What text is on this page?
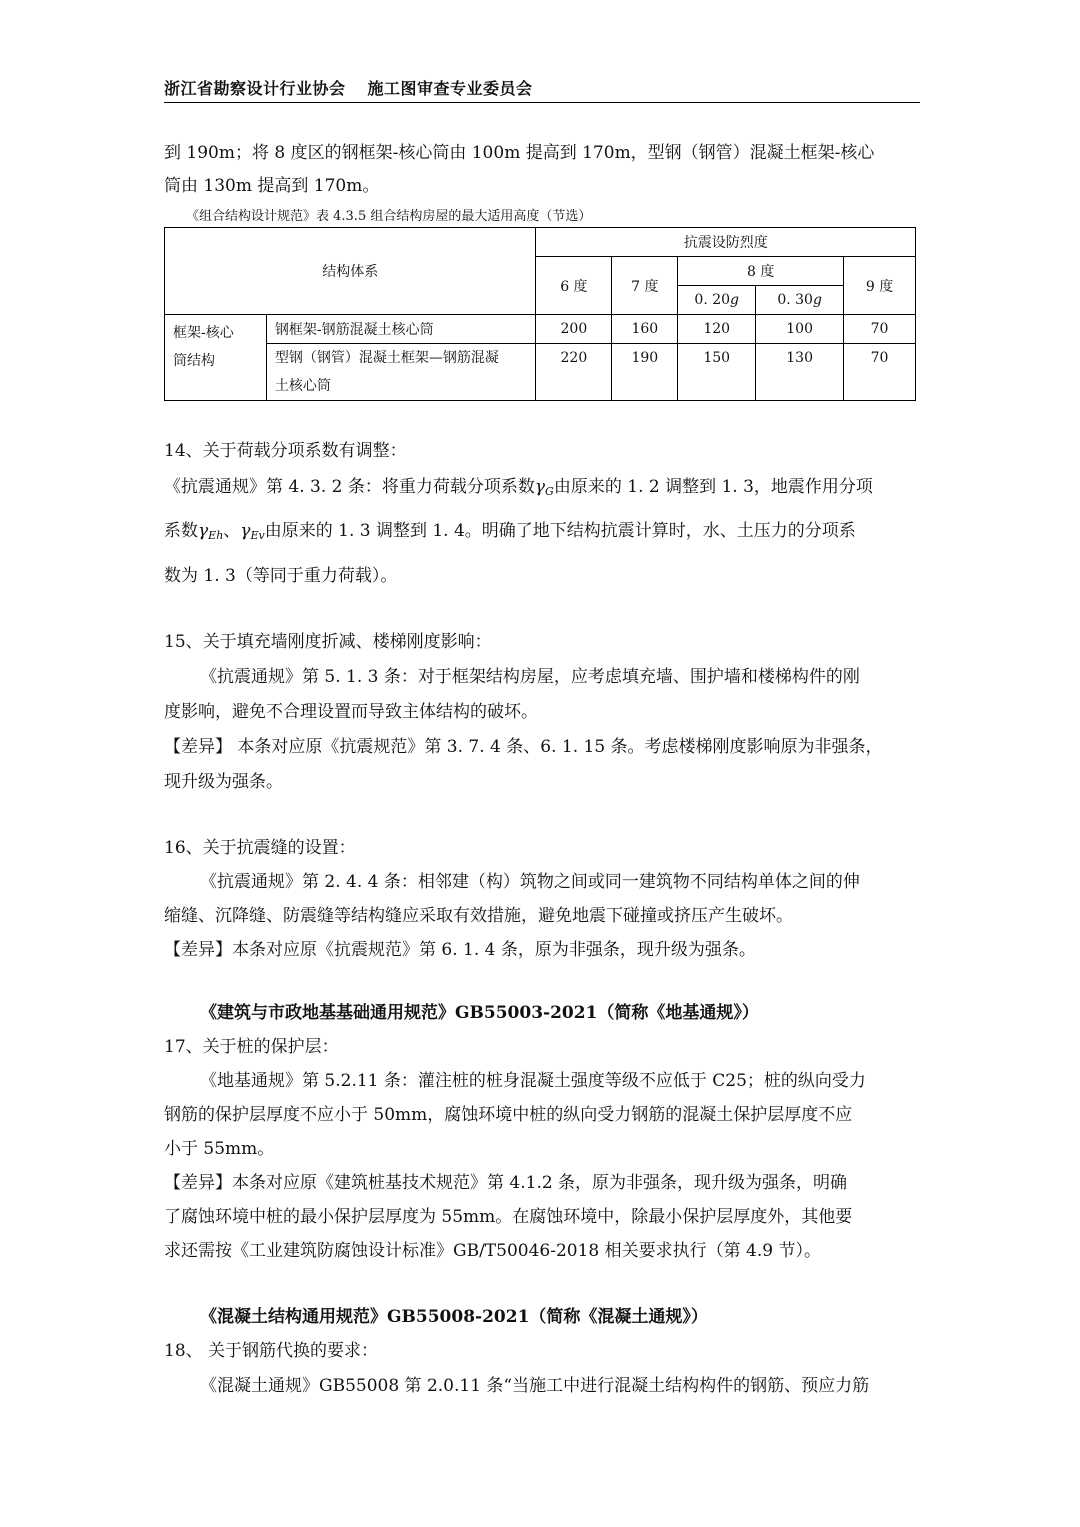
浙江省勘察设计行业协会 施工图审查专业委员会
到 190m；将 8 度区的钢框架-核心筒由 100m 提高到 170m，型钢（钢管）混凝土框架-核心
筒由 130m 提高到 170m。
《组合结构设计规范》表 4.3.5 组合结构房屋的最大适用高度（节选）
结构体系		抗震设防烈度				
		6 度	7 度	8 度		9 度
				0. 20g	0. 30g	

框架-核心
筒结构	钢框架-钢筋混凝土核心筒	200	160	120	100	70

	型钢（钢管）混凝土框架—钢筋混凝
土核心筒	220	190	150	130	70
14、关于荷载分项系数有调整：
《抗震通规》第 4. 3. 2 条：将重力荷载分项系数$\gamma_G$由原来的 1. 2 调整到 1. 3，地震作用分项
系数$\gamma_{Eh}$、$\gamma_{Ev}$由原来的 1. 3 调整到 1. 4。明确了地下结构抗震计算时，水、土压力的分项系
数为 1. 3（等同于重力荷载）。
15、关于填充墙刚度折减、楼梯刚度影响：
《抗震通规》第 5. 1. 3 条：对于框架结构房屋，应考虑填充墙、围护墙和楼梯构件的刚
度影响，避免不合理设置而导致主体结构的破坏。
【差异】 本条对应原《抗震规范》第 3. 7. 4 条、6. 1. 15 条。考虑楼梯刚度影响原为非强条，
现升级为强条。
16、关于抗震缝的设置：
《抗震通规》第 2. 4. 4 条：相邻建（构）筑物之间或同一建筑物不同结构单体之间的伸
缩缝、沉降缝、防震缝等结构缝应采取有效措施，避免地震下碰撞或挤压产生破坏。
【差异】本条对应原《抗震规范》第 6. 1. 4 条，原为非强条，现升级为强条。
《建筑与市政地基基础通用规范》GB55003-2021（简称《地基通规》）
17、关于桩的保护层：
《地基通规》第 5.2.11 条：灌注桩的桩身混凝土强度等级不应低于 C25；桩的纵向受力
钢筋的保护层厚度不应小于 50mm，腐蚀环境中桩的纵向受力钢筋的混凝土保护层厚度不应
小于 55mm。
【差异】本条对应原《建筑桩基技术规范》第 4.1.2 条，原为非强条，现升级为强条，明确
了腐蚀环境中桩的最小保护层厚度为 55mm。在腐蚀环境中，除最小保护层厚度外，其他要
求还需按《工业建筑防腐蚀设计标准》GB/T50046-2018 相关要求执行（第 4.9 节）。
《混凝土结构通用规范》GB55008-2021（简称《混凝土通规》）
18、 关于钢筋代换的要求：
《混凝土通规》GB55008 第 2.0.11 条“当施工中进行混凝土结构构件的钢筋、预应力筋
